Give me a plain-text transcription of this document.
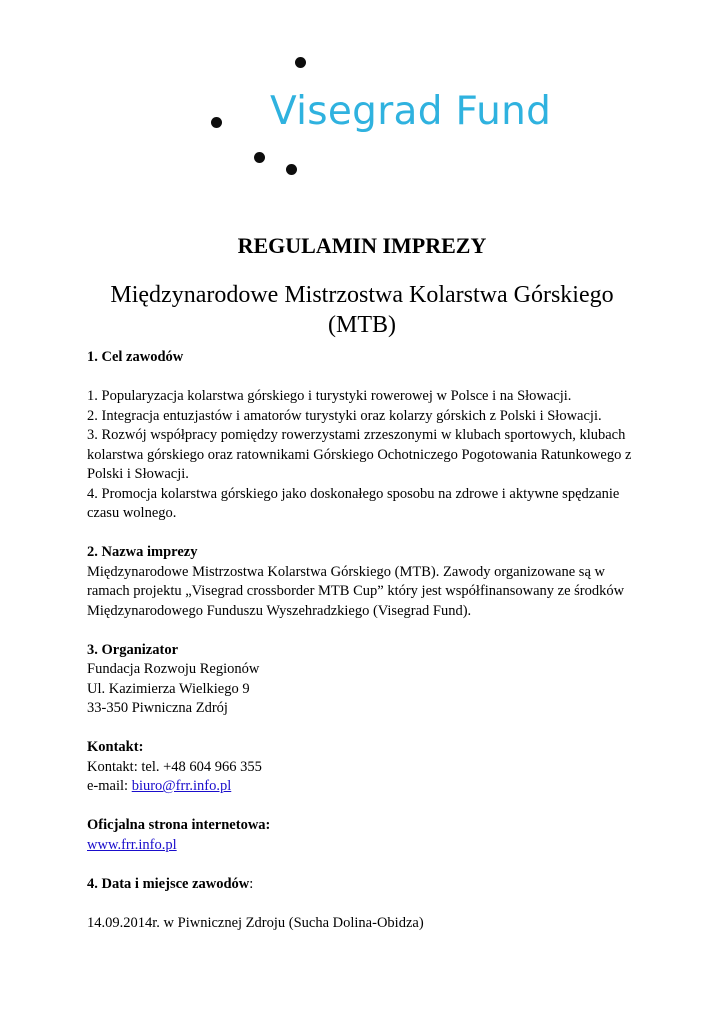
Visegrad Fund
REGULAMIN IMPREZY
Międzynarodowe Mistrzostwa Kolarstwa Górskiego (MTB)

1. Cel zawodów

1. Popularyzacja kolarstwa górskiego i turystyki rowerowej w Polsce i na Słowacji.

2. Integracja entuzjastów i amatorów turystyki oraz kolarzy górskich z Polski i Słowacji.

3. Rozwój współpracy pomiędzy rowerzystami zrzeszonymi w klubach sportowych, klubach kolarstwa górskiego oraz ratownikami Górskiego Ochotniczego Pogotowania Ratunkowego z Polski i Słowacji.

4. Promocja kolarstwa górskiego jako doskonałego sposobu na zdrowe i aktywne spędzanie czasu wolnego.

2. Nazwa imprezy

Międzynarodowe Mistrzostwa Kolarstwa Górskiego (MTB). Zawody organizowane są w ramach projektu „Visegrad crossborder MTB Cup” który jest współfinansowany ze środków Międzynarodowego Funduszu Wyszehradzkiego (Visegrad Fund).

3. Organizator

Fundacja Rozwoju Regionów

Ul. Kazimierza Wielkiego 9

33-350 Piwniczna Zdrój

Kontakt:

Kontakt: tel. +48 604 966 355

e-mail: biuro@frr.info.pl

Oficjalna strona internetowa:

www.frr.info.pl

4. Data i miejsce zawodów:

14.09.2014r. w Piwnicznej Zdroju (Sucha Dolina-Obidza)
